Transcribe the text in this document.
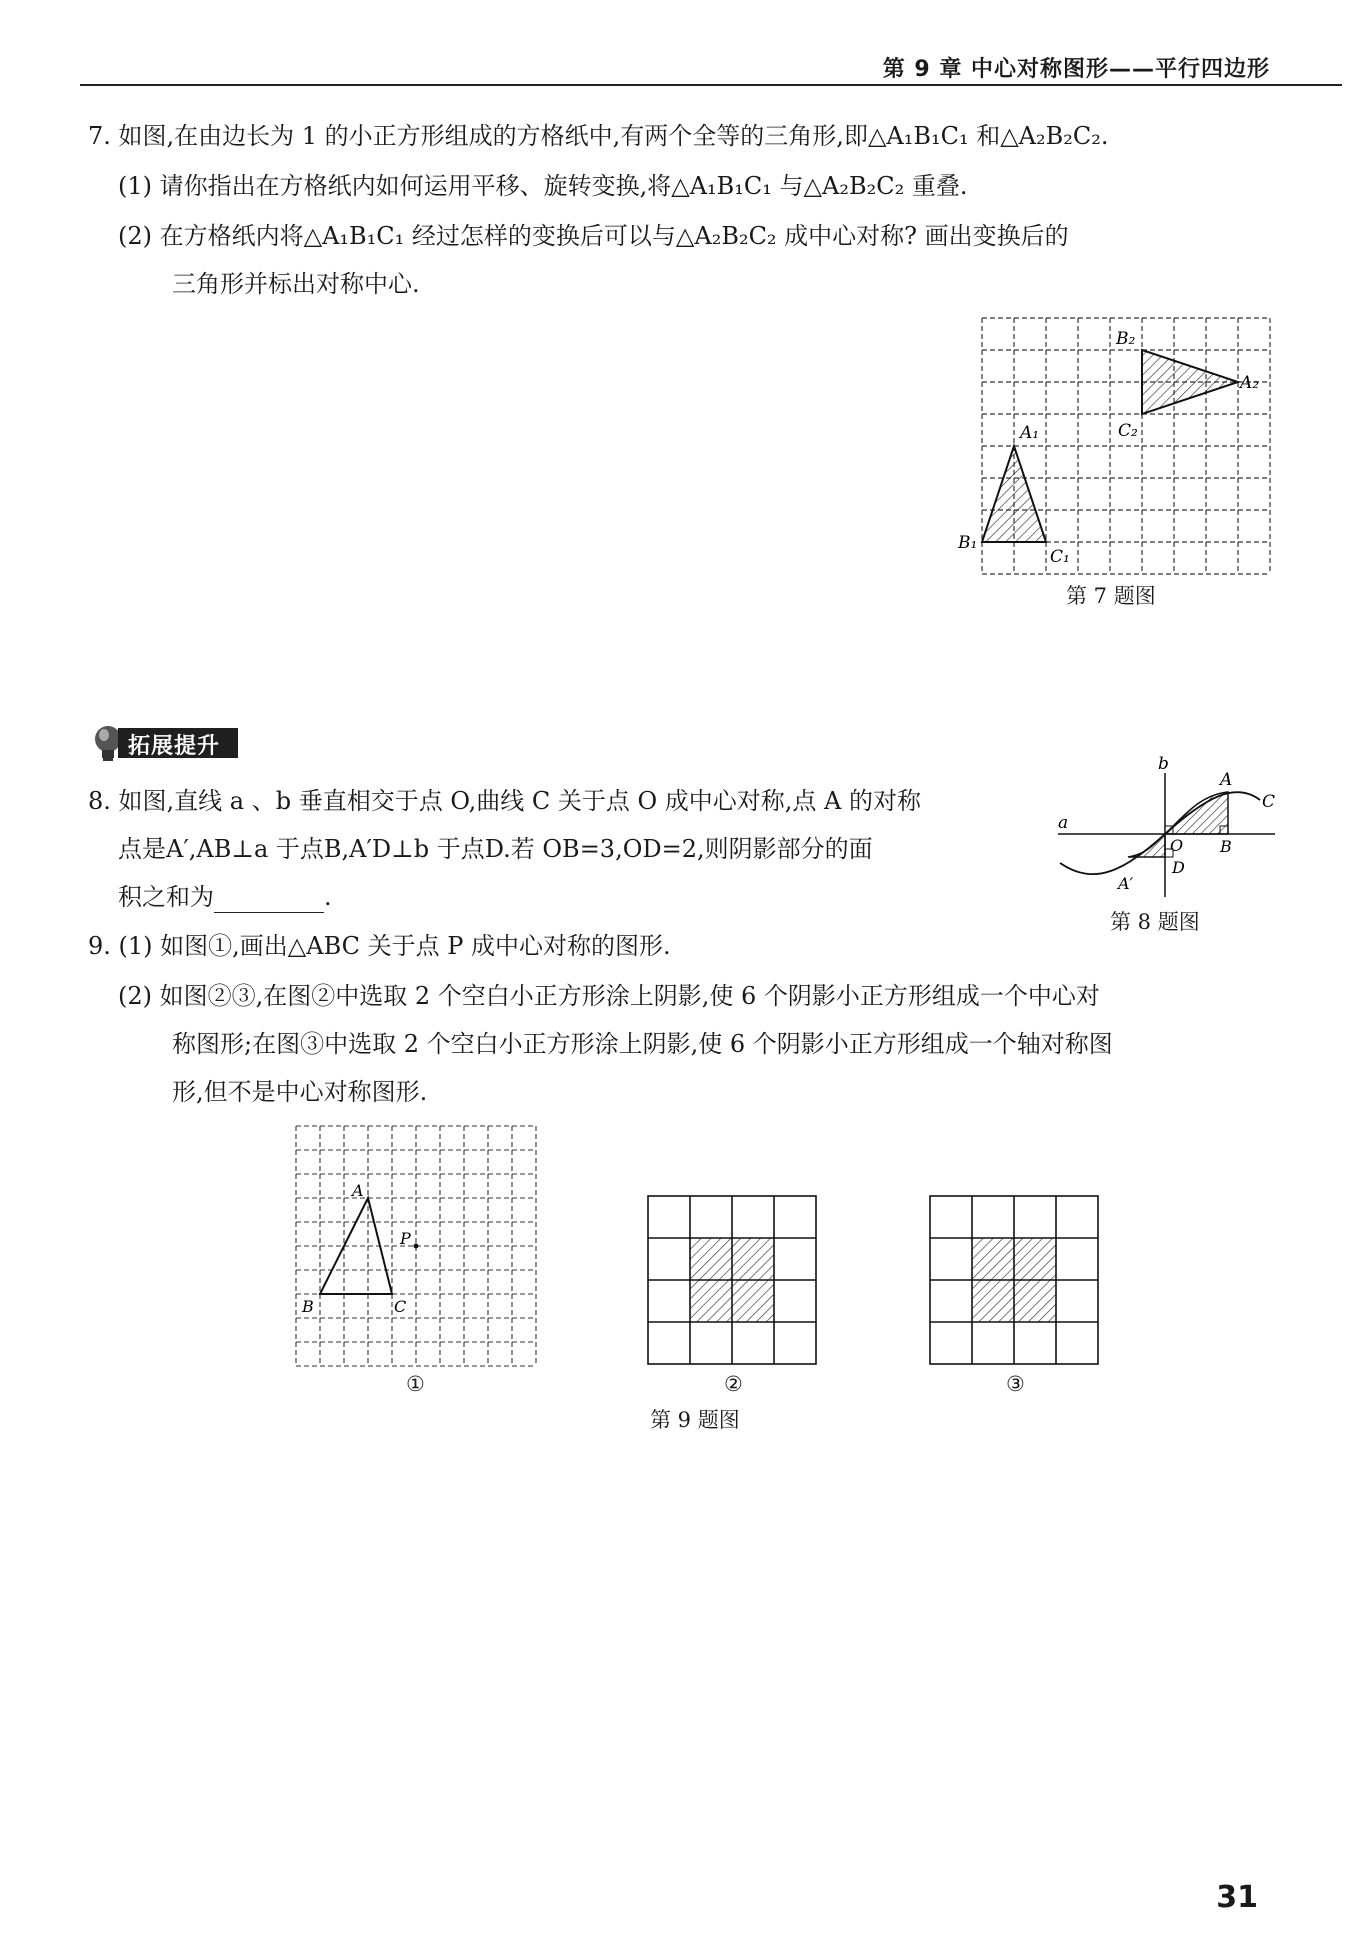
第 9 章 中心对称图形——平行四边形
7. 如图,在由边长为 1 的小正方形组成的方格纸中,有两个全等的三角形,即△A₁B₁C₁ 和△A₂B₂C₂.
(1) 请你指出在方格纸内如何运用平移、旋转变换,将△A₁B₁C₁ 与△A₂B₂C₂ 重叠.
(2) 在方格纸内将△A₁B₁C₁ 经过怎样的变换后可以与△A₂B₂C₂ 成中心对称? 画出变换后的
三角形并标出对称中心.
A₁
B₁
C₁
B₂
C₂
A₂
第 7 题图
拓展提升
8. 如图,直线 a 、b 垂直相交于点 O,曲线 C 关于点 O 成中心对称,点 A 的对称
点是A′,AB⊥a 于点B,A′D⊥b 于点D.若 OB=3,OD=2,则阴影部分的面
积之和为	.
a
b
A
C
O B
D
A′
第 8 题图
9. (1) 如图①,画出△ABC 关于点 P 成中心对称的图形.
(2) 如图②③,在图②中选取 2 个空白小正方形涂上阴影,使 6 个阴影小正方形组成一个中心对
称图形;在图③中选取 2 个空白小正方形涂上阴影,使 6 个阴影小正方形组成一个轴对称图
形,但不是中心对称图形.
A
B	C
P
①	②	③
第 9 题图
31
